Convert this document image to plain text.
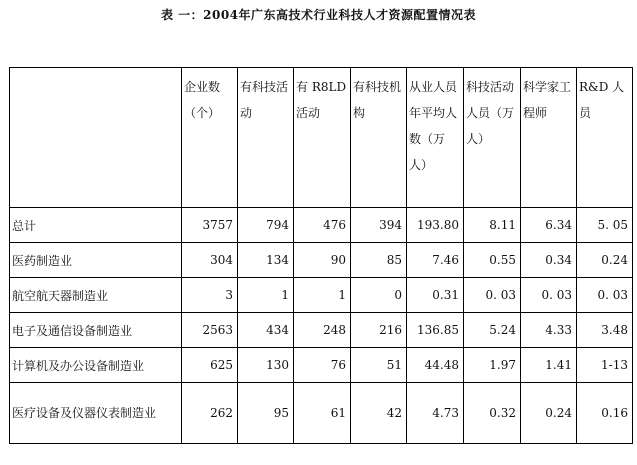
表 一：2004年广东高技术行业科技人才资源配置情况表

	企业数（个）	有科技活动	有 R8LD 活动	有科技机构	从业人员年平均人数（万人）	科技活动人员（万人）	科学家工程师	R&D 人员

总计	3757	794	476	394	193.80	8.11	6.34	5. 05
医药制造业	304	134	90	85	7.46	0.55	0.34	0.24
航空航天器制造业	3	1	1	0	0.31	0. 03	0. 03	0. 03
电子及通信设备制造业	2563	434	248	216	136.85	5.24	4.33	3.48
计算机及办公设备制造业	625	130	76	51	44.48	1.97	1.41	1-13
医疗设备及仪器仪表制造业	262	95	61	42	4.73	0.32	0.24	0.16
